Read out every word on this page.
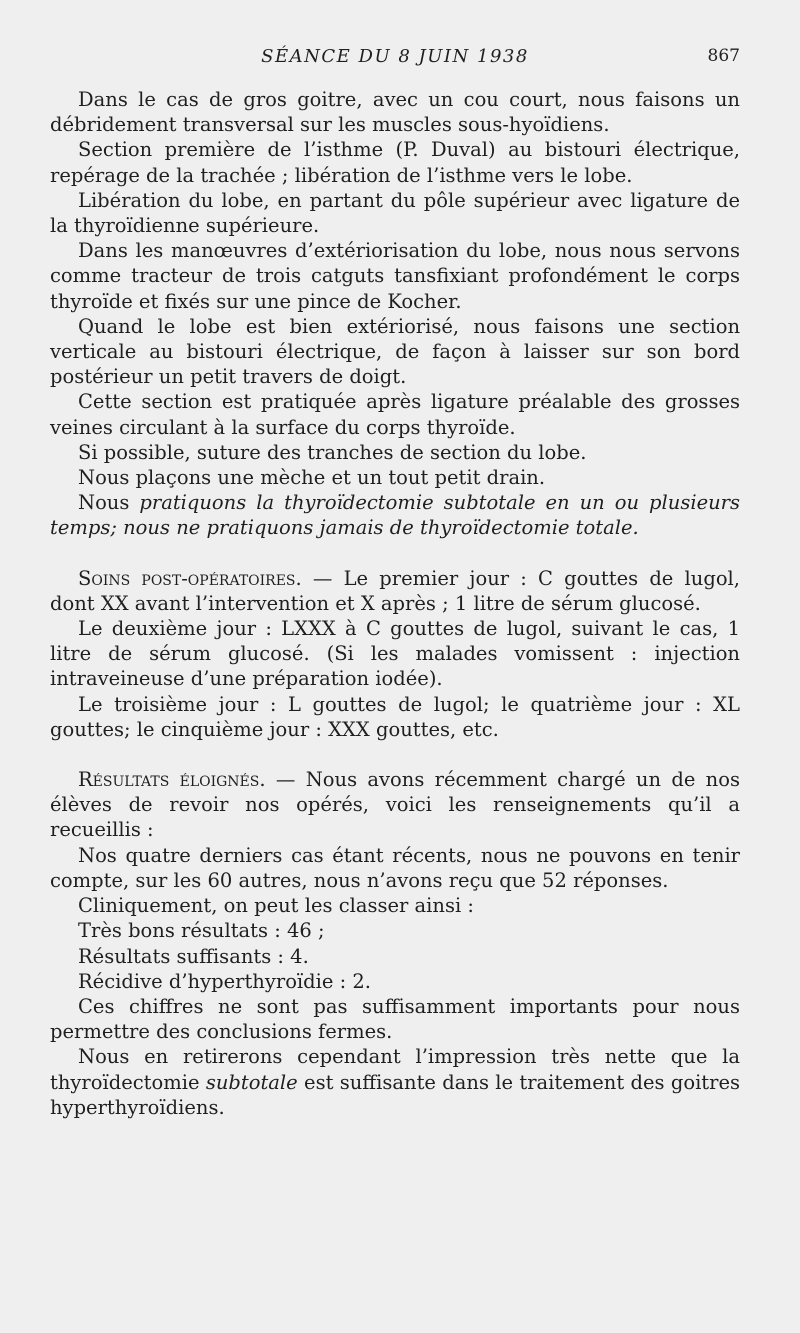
SÉANCE DU 8 JUIN 1938	867

Dans le cas de gros goitre, avec un cou court, nous faisons un débridement transversal sur les muscles sous-hyoïdiens.

Section première de l’isthme (P. Duval) au bistouri électrique, repérage de la trachée ; libération de l’isthme vers le lobe.

Libération du lobe, en partant du pôle supérieur avec ligature de la thyroïdienne supérieure.

Dans les manœuvres d’extériorisation du lobe, nous nous servons comme tracteur de trois catguts tansfixiant profondément le corps thyroïde et fixés sur une pince de Kocher.

Quand le lobe est bien extériorisé, nous faisons une section verticale au bistouri électrique, de façon à laisser sur son bord postérieur un petit travers de doigt.

Cette section est pratiquée après ligature préalable des grosses veines circulant à la surface du corps thyroïde.

Si possible, suture des tranches de section du lobe.

Nous plaçons une mèche et un tout petit drain.

Nous pratiquons la thyroïdectomie subtotale en un ou plusieurs temps; nous ne pratiquons jamais de thyroïdectomie totale.

Soins post-opératoires. — Le premier jour : C gouttes de lugol, dont XX avant l’intervention et X après ; 1 litre de sérum glucosé.

Le deuxième jour : LXXX à C gouttes de lugol, suivant le cas, 1 litre de sérum glucosé. (Si les malades vomissent : injection intraveineuse d’une préparation iodée).

Le troisième jour : L gouttes de lugol; le quatrième jour : XL gouttes; le cinquième jour : XXX gouttes, etc.

Résultats éloignés. — Nous avons récemment chargé un de nos élèves de revoir nos opérés, voici les renseignements qu’il a recueillis :

Nos quatre derniers cas étant récents, nous ne pouvons en tenir compte, sur les 60 autres, nous n’avons reçu que 52 réponses.

Cliniquement, on peut les classer ainsi :

Très bons résultats : 46 ;

Résultats suffisants : 4.

Récidive d’hyperthyroïdie : 2.

Ces chiffres ne sont pas suffisamment importants pour nous permettre des conclusions fermes.

Nous en retirerons cependant l’impression très nette que la thyroïdectomie subtotale est suffisante dans le traitement des goitres hyperthyroïdiens.
